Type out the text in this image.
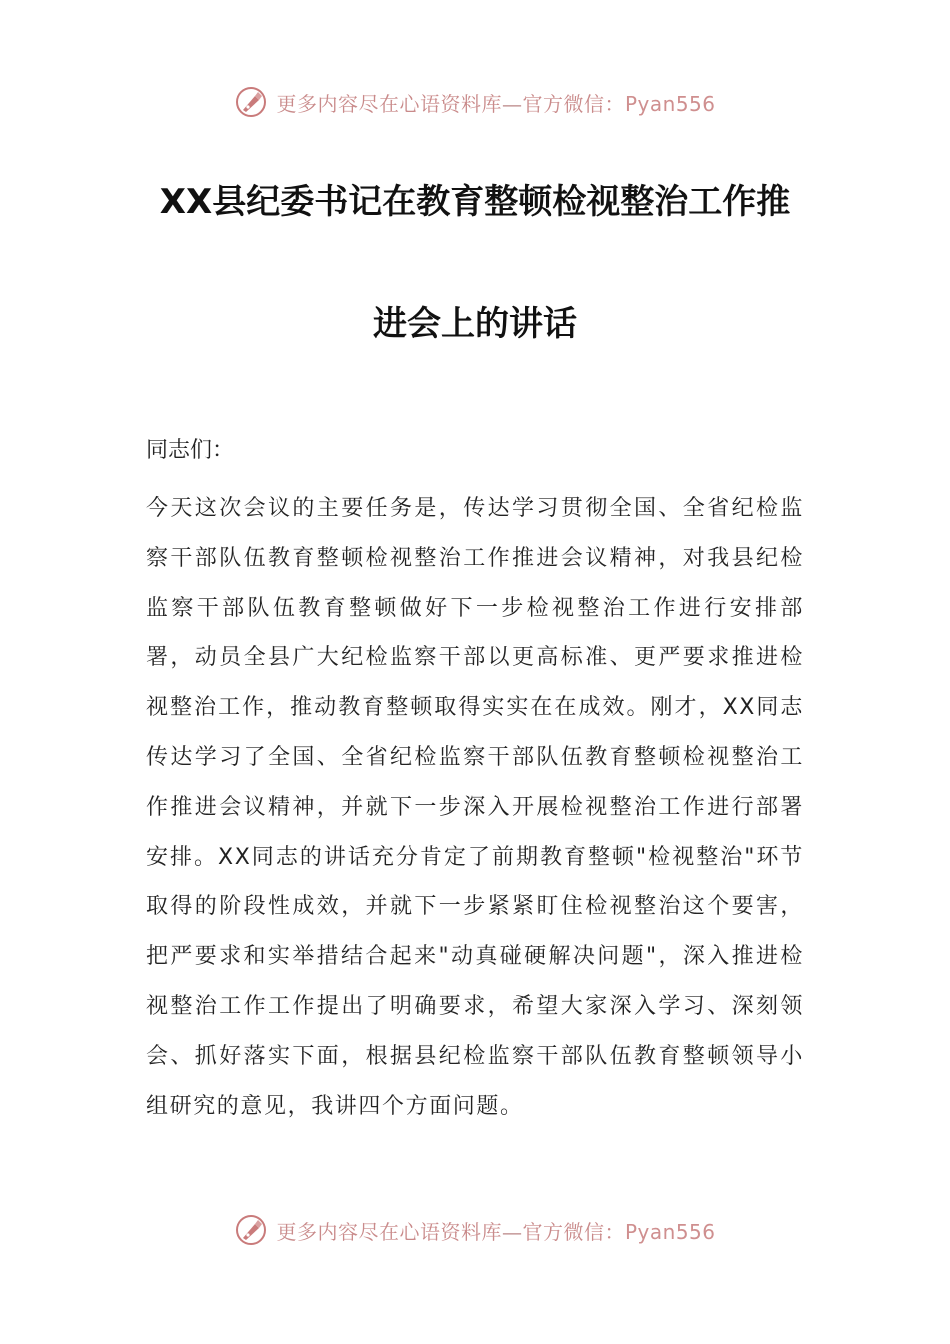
更多内容尽在心语资料库—官方微信：Pyan556
XX县纪委书记在教育整顿检视整治工作推
进会上的讲话
同志们：
今天这次会议的主要任务是，传达学习贯彻全国、全省纪检监察干部队伍教育整顿检视整治工作推进会议精神，对我县纪检监察干部队伍教育整顿做好下一步检视整治工作进行安排部署，动员全县广大纪检监察干部以更高标准、更严要求推进检视整治工作，推动教育整顿取得实实在在成效。刚才，XX同志传达学习了全国、全省纪检监察干部队伍教育整顿检视整治工作推进会议精神，并就下一步深入开展检视整治工作进行部署安排。XX同志的讲话充分肯定了前期教育整顿"检视整治"环节取得的阶段性成效，并就下一步紧紧盯住检视整治这个要害，把严要求和实举措结合起来"动真碰硬解决问题"，深入推进检视整治工作工作提出了明确要求，希望大家深入学习、深刻领会、抓好落实下面，根据县纪检监察干部队伍教育整顿领导小组研究的意见，我讲四个方面问题。
更多内容尽在心语资料库—官方微信：Pyan556
